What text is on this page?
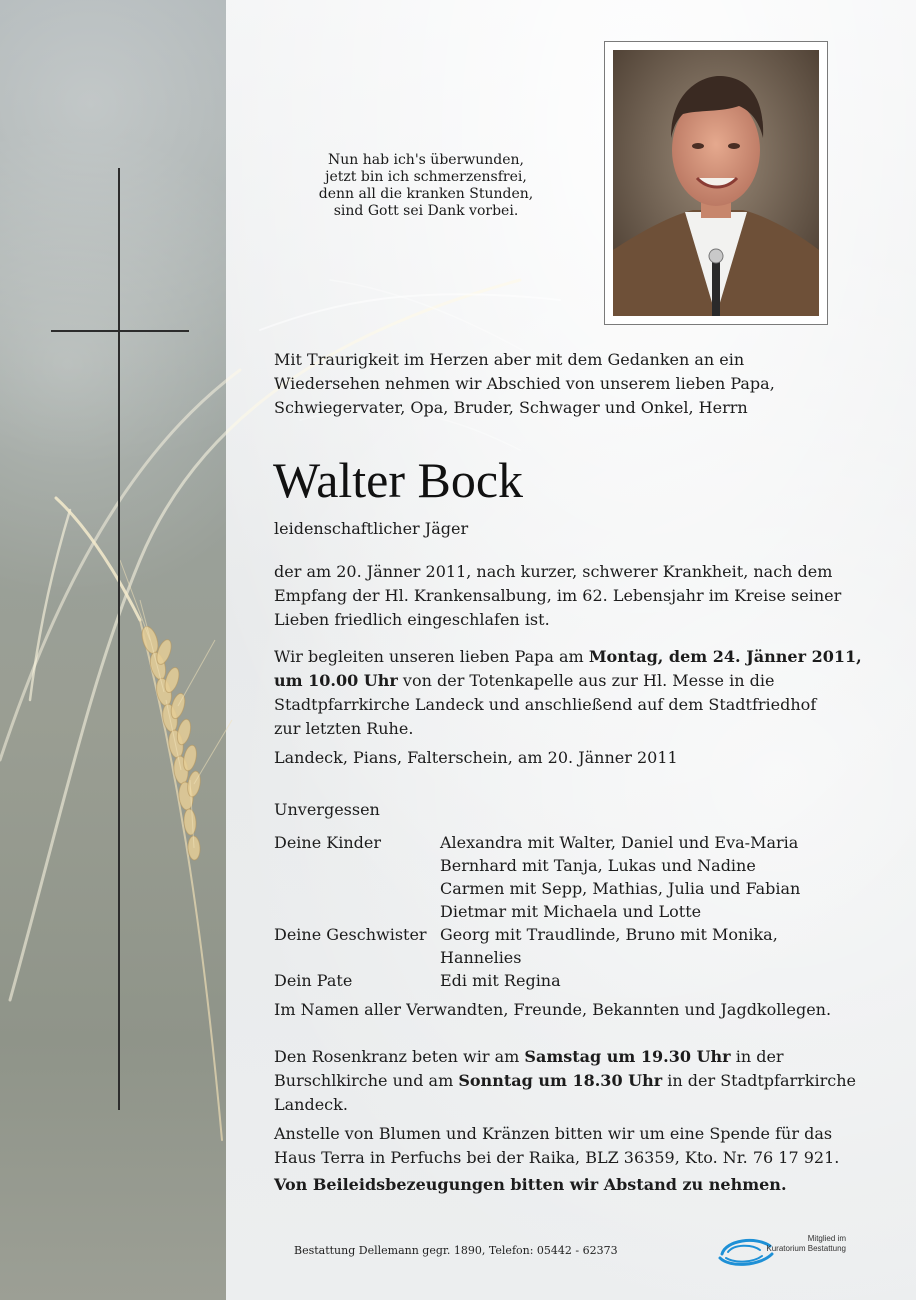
Nun hab ich's überwunden,
jetzt bin ich schmerzensfrei,
denn all die kranken Stunden,
sind Gott sei Dank vorbei.
Mit Traurigkeit im Herzen aber mit dem Gedanken an ein
Wiedersehen nehmen wir Abschied von unserem lieben Papa,
Schwiegervater, Opa, Bruder, Schwager und Onkel, Herrn
Walter Bock
leidenschaftlicher Jäger
der am 20. Jänner 2011, nach kurzer, schwerer Krankheit, nach dem
Empfang der Hl. Krankensalbung, im 62. Lebensjahr im Kreise seiner
Lieben friedlich eingeschlafen ist.
Wir begleiten unseren lieben Papa am Montag, dem 24. Jänner 2011,
um 10.00 Uhr von der Totenkapelle aus zur Hl. Messe in die
Stadtpfarrkirche Landeck und anschließend auf dem Stadtfriedhof
zur letzten Ruhe.
Landeck, Pians, Falterschein, am 20. Jänner 2011
Unvergessen
Deine Kinder	Alexandra mit Walter, Daniel und Eva-Maria
Bernhard mit Tanja, Lukas und Nadine
Carmen mit Sepp, Mathias, Julia und Fabian
Dietmar mit Michaela und Lotte
Deine Geschwister Georg mit Traudlinde, Bruno mit Monika,
Hannelies
Dein Pate	Edi mit Regina
Im Namen aller Verwandten, Freunde, Bekannten und Jagdkollegen.
Den Rosenkranz beten wir am Samstag um 19.30 Uhr in der
Burschlkirche und am Sonntag um 18.30 Uhr in der Stadtpfarrkirche
Landeck.
Anstelle von Blumen und Kränzen bitten wir um eine Spende für das
Haus Terra in Perfuchs bei der Raika, BLZ 36359, Kto. Nr. 76 17 921.
Von Beileidsbezeugungen bitten wir Abstand zu nehmen.
Bestattung Dellemann gegr. 1890, Telefon: 05442 - 62373
Mitglied im
Kuratorium Bestattung
